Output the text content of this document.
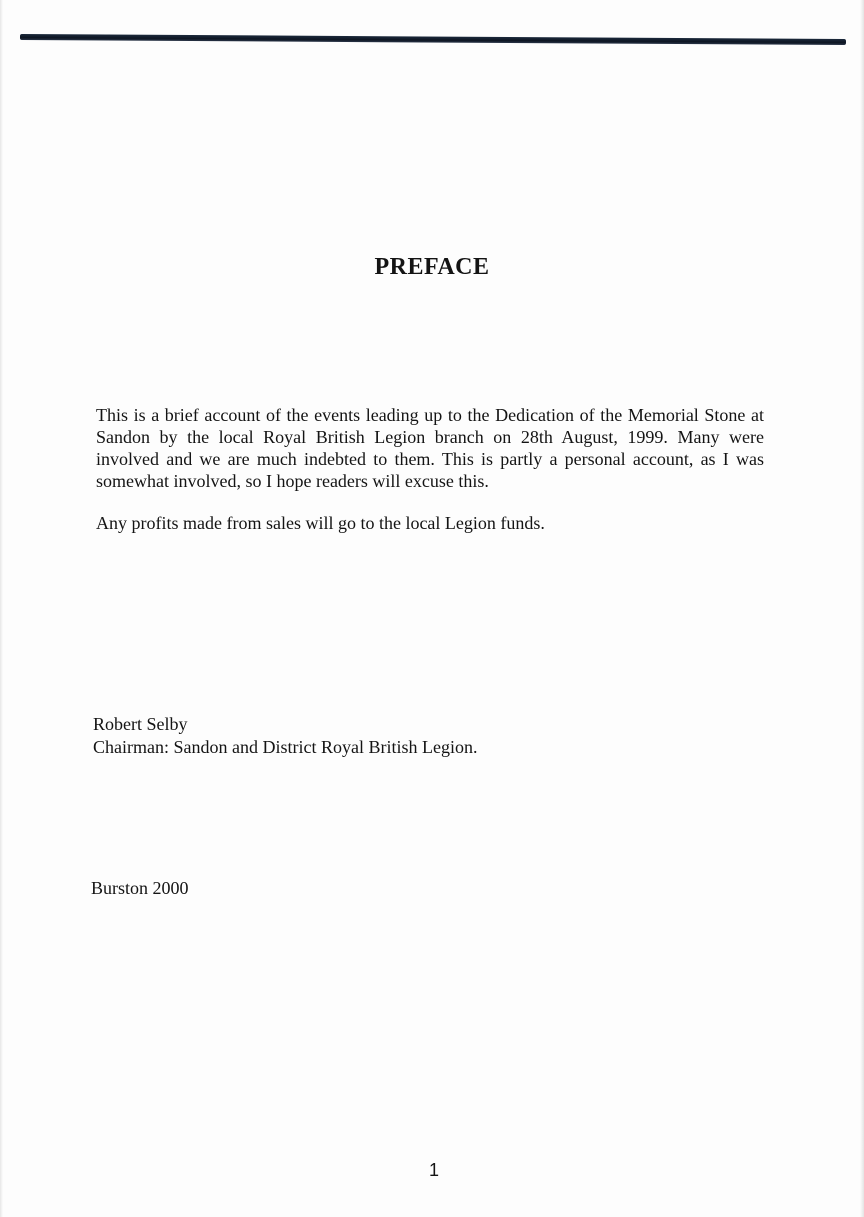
PREFACE

This is a brief account of the events leading up to the Dedication of the Memorial Stone at Sandon by the local Royal British Legion branch on 28th August, 1999. Many were involved and we are much indebted to them. This is partly a personal account, as I was somewhat involved, so I hope readers will excuse this.

Any profits made from sales will go to the local Legion funds.

Robert Selby
Chairman: Sandon and District Royal British Legion.
Burston 2000
1
